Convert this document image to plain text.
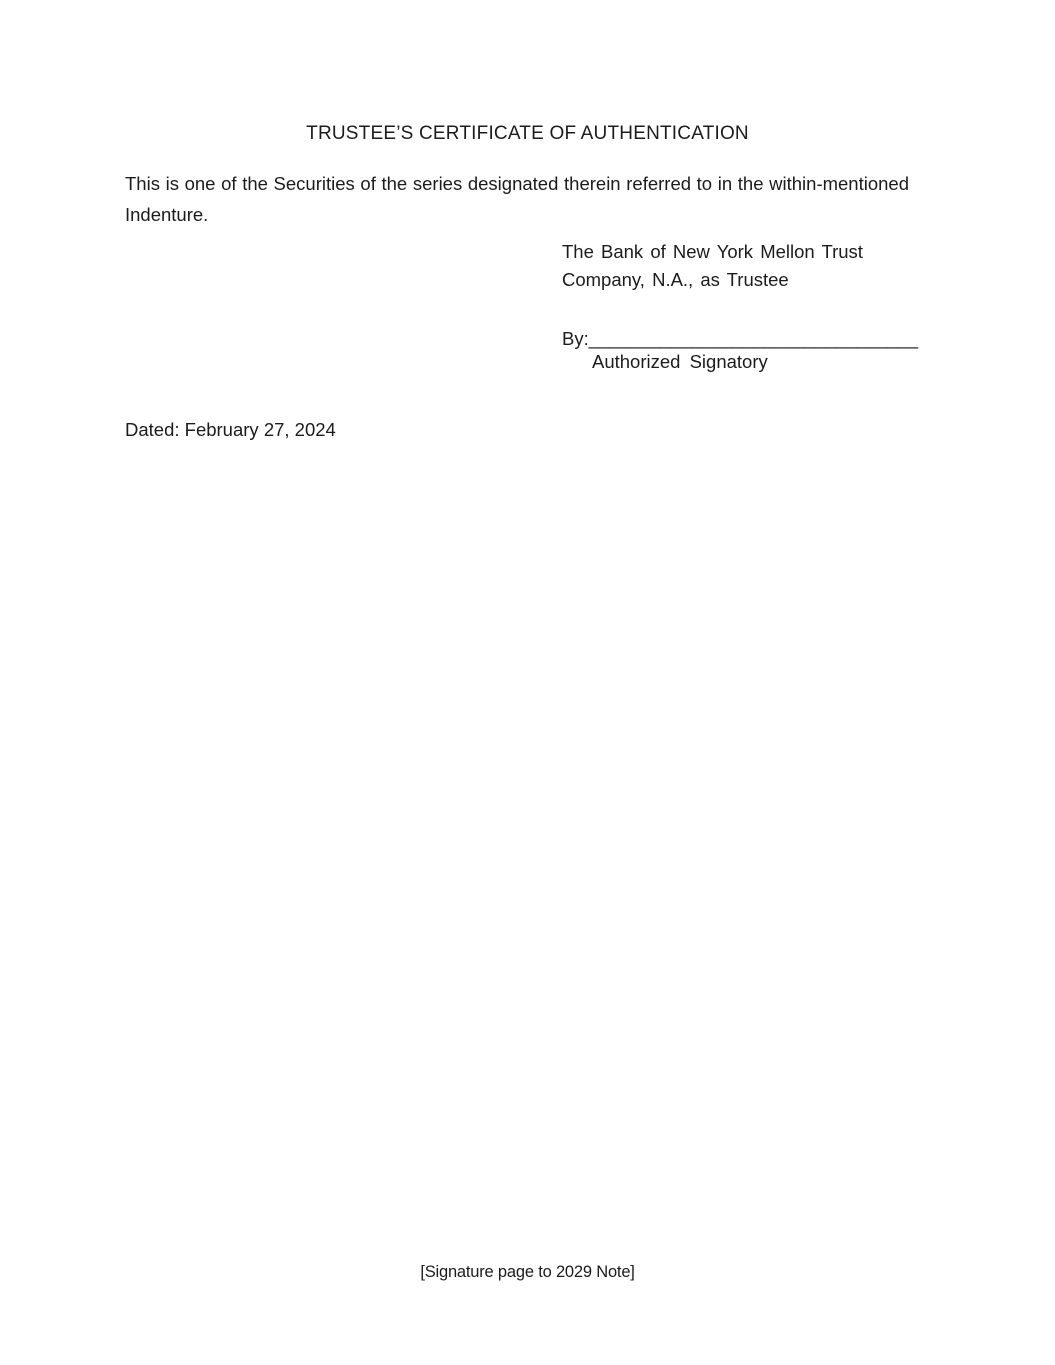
TRUSTEE’S CERTIFICATE OF AUTHENTICATION
This is one of the Securities of the series designated therein referred to in the within-mentioned Indenture.
The Bank of New York Mellon Trust
Company, N.A., as Trustee
By:________________________________
Authorized Signatory
Dated: February 27, 2024
[Signature page to 2029 Note]
